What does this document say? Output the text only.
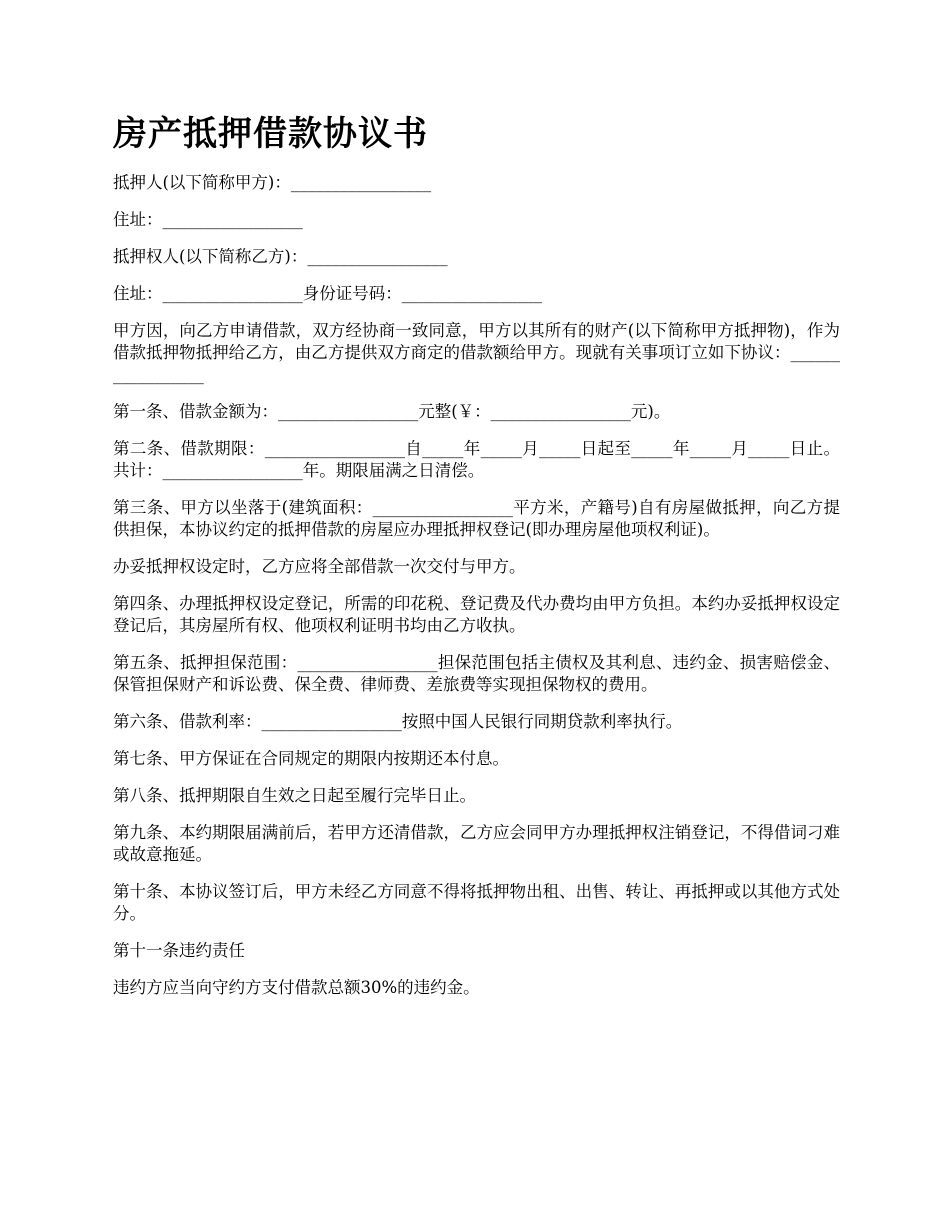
房产抵押借款协议书

抵押人(以下简称甲方)：_________________

住址：_________________

抵押权人(以下简称乙方)：_________________

住址：_________________身份证号码：_________________

甲方因，向乙方申请借款，双方经协商一致同意，甲方以其所有的财产(以下简称甲方抵押物)，作为借款抵押物抵押给乙方，由乙方提供双方商定的借款额给甲方。现就有关事项订立如下协议：_________________

第一条、借款金额为：_________________元整(￥：_________________元)。

第二条、借款期限：_________________自_____年_____月_____日起至_____年_____月_____日止。共计：_________________年。期限届满之日清偿。

第三条、甲方以坐落于(建筑面积：_________________平方米，产籍号)自有房屋做抵押，向乙方提供担保，本协议约定的抵押借款的房屋应办理抵押权登记(即办理房屋他项权利证)。

办妥抵押权设定时，乙方应将全部借款一次交付与甲方。

第四条、办理抵押权设定登记，所需的印花税、登记费及代办费均由甲方负担。本约办妥抵押权设定登记后，其房屋所有权、他项权利证明书均由乙方收执。

第五条、抵押担保范围：_________________担保范围包括主债权及其利息、违约金、损害赔偿金、保管担保财产和诉讼费、保全费、律师费、差旅费等实现担保物权的费用。

第六条、借款利率：_________________按照中国人民银行同期贷款利率执行。

第七条、甲方保证在合同规定的期限内按期还本付息。

第八条、抵押期限自生效之日起至履行完毕日止。

第九条、本约期限届满前后，若甲方还清借款，乙方应会同甲方办理抵押权注销登记，不得借词刁难或故意拖延。

第十条、本协议签订后，甲方未经乙方同意不得将抵押物出租、出售、转让、再抵押或以其他方式处分。

第十一条违约责任

违约方应当向守约方支付借款总额30%的违约金。
